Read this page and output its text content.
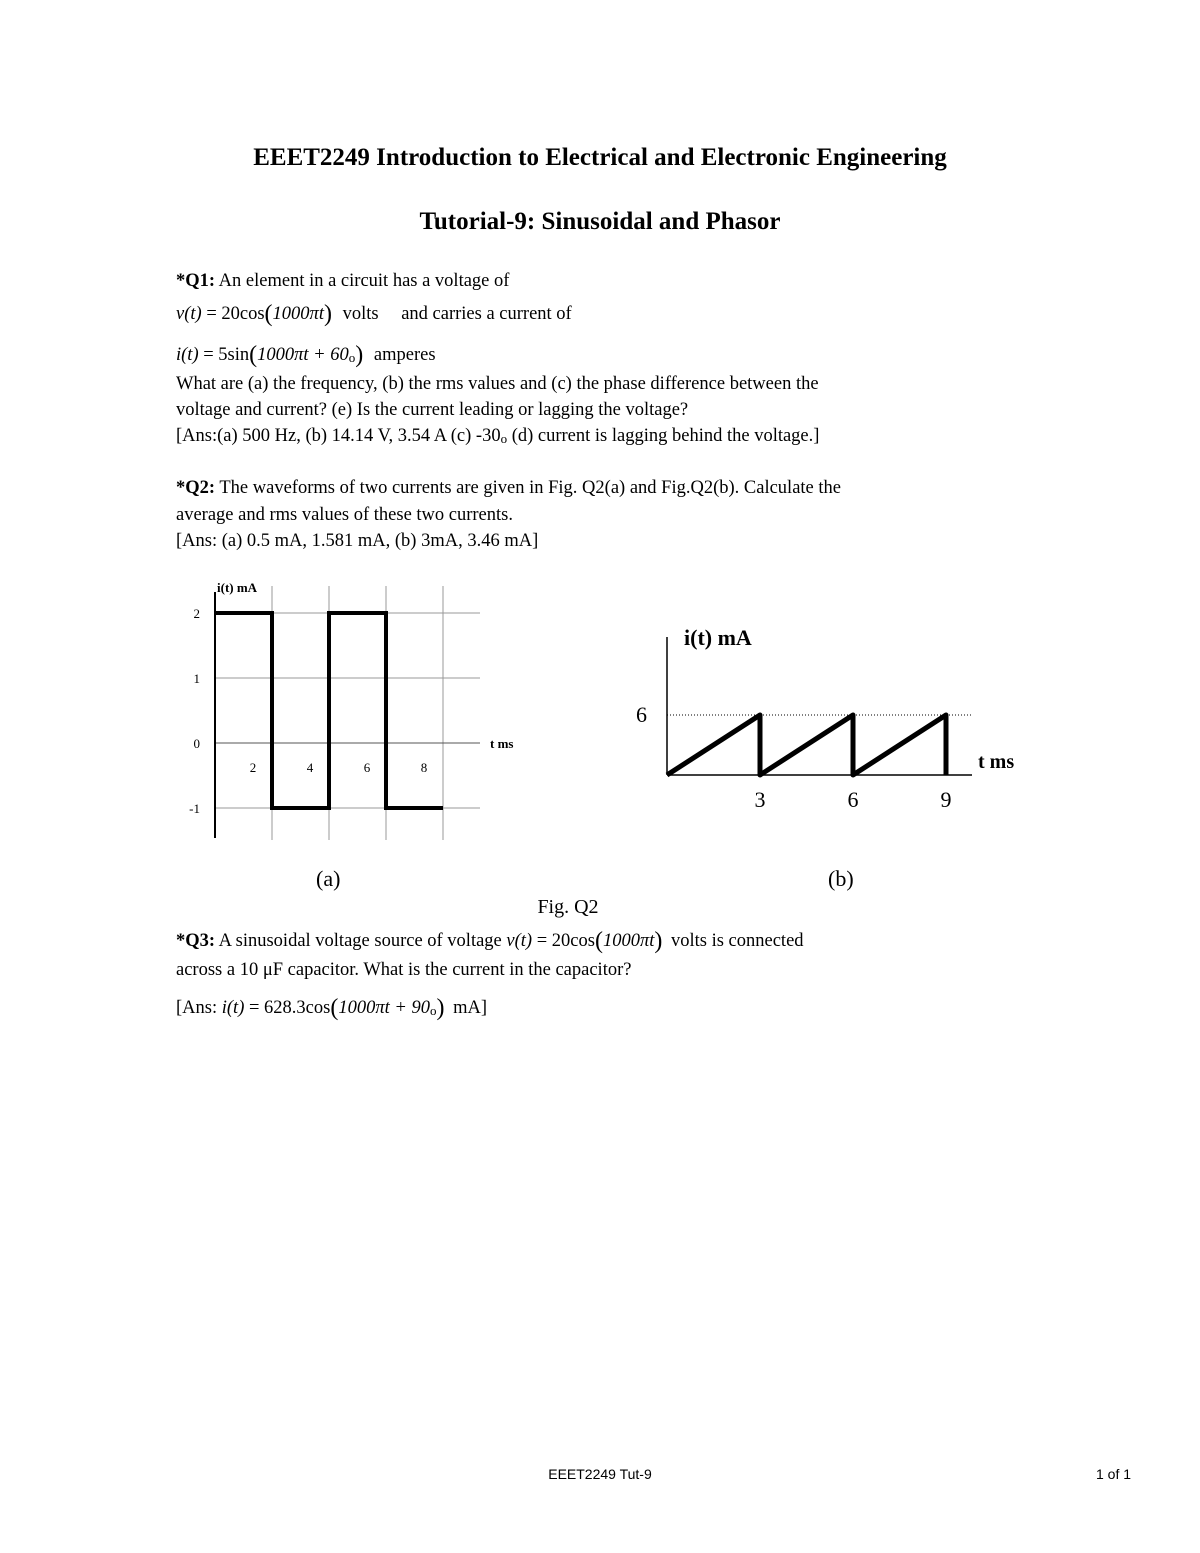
EEET2249 Introduction to Electrical and Electronic Engineering
Tutorial-9: Sinusoidal and Phasor
*Q1: An element in a circuit has a voltage of
v(t) = 20cos(1000πt) volts and carries a current of
i(t) = 5sin(1000πt + 60o) amperes
What are (a) the frequency, (b) the rms values and (c) the phase difference between the
voltage and current? (e) Is the current leading or lagging the voltage?
[Ans:(a) 500 Hz, (b) 14.14 V, 3.54 A (c) -30o (d) current is lagging behind the voltage.]
*Q2: The waveforms of two currents are given in Fig. Q2(a) and Fig.Q2(b). Calculate the
average and rms values of these two currents.
[Ans: (a) 0.5 mA, 1.581 mA, (b) 3mA, 3.46 mA]
i(t) mA
t ms
2
1
0
-1
2	4	6	8
i(t) mA
t ms
6
3	6	9
(a)	(b)
Fig. Q2
*Q3: A sinusoidal voltage source of voltage v(t) = 20cos(1000πt) volts is connected
across a 10 μF capacitor. What is the current in the capacitor?
[Ans: i(t) = 628.3cos(1000πt + 90o) mA]
EEET2249 Tut-9	1 of 1
